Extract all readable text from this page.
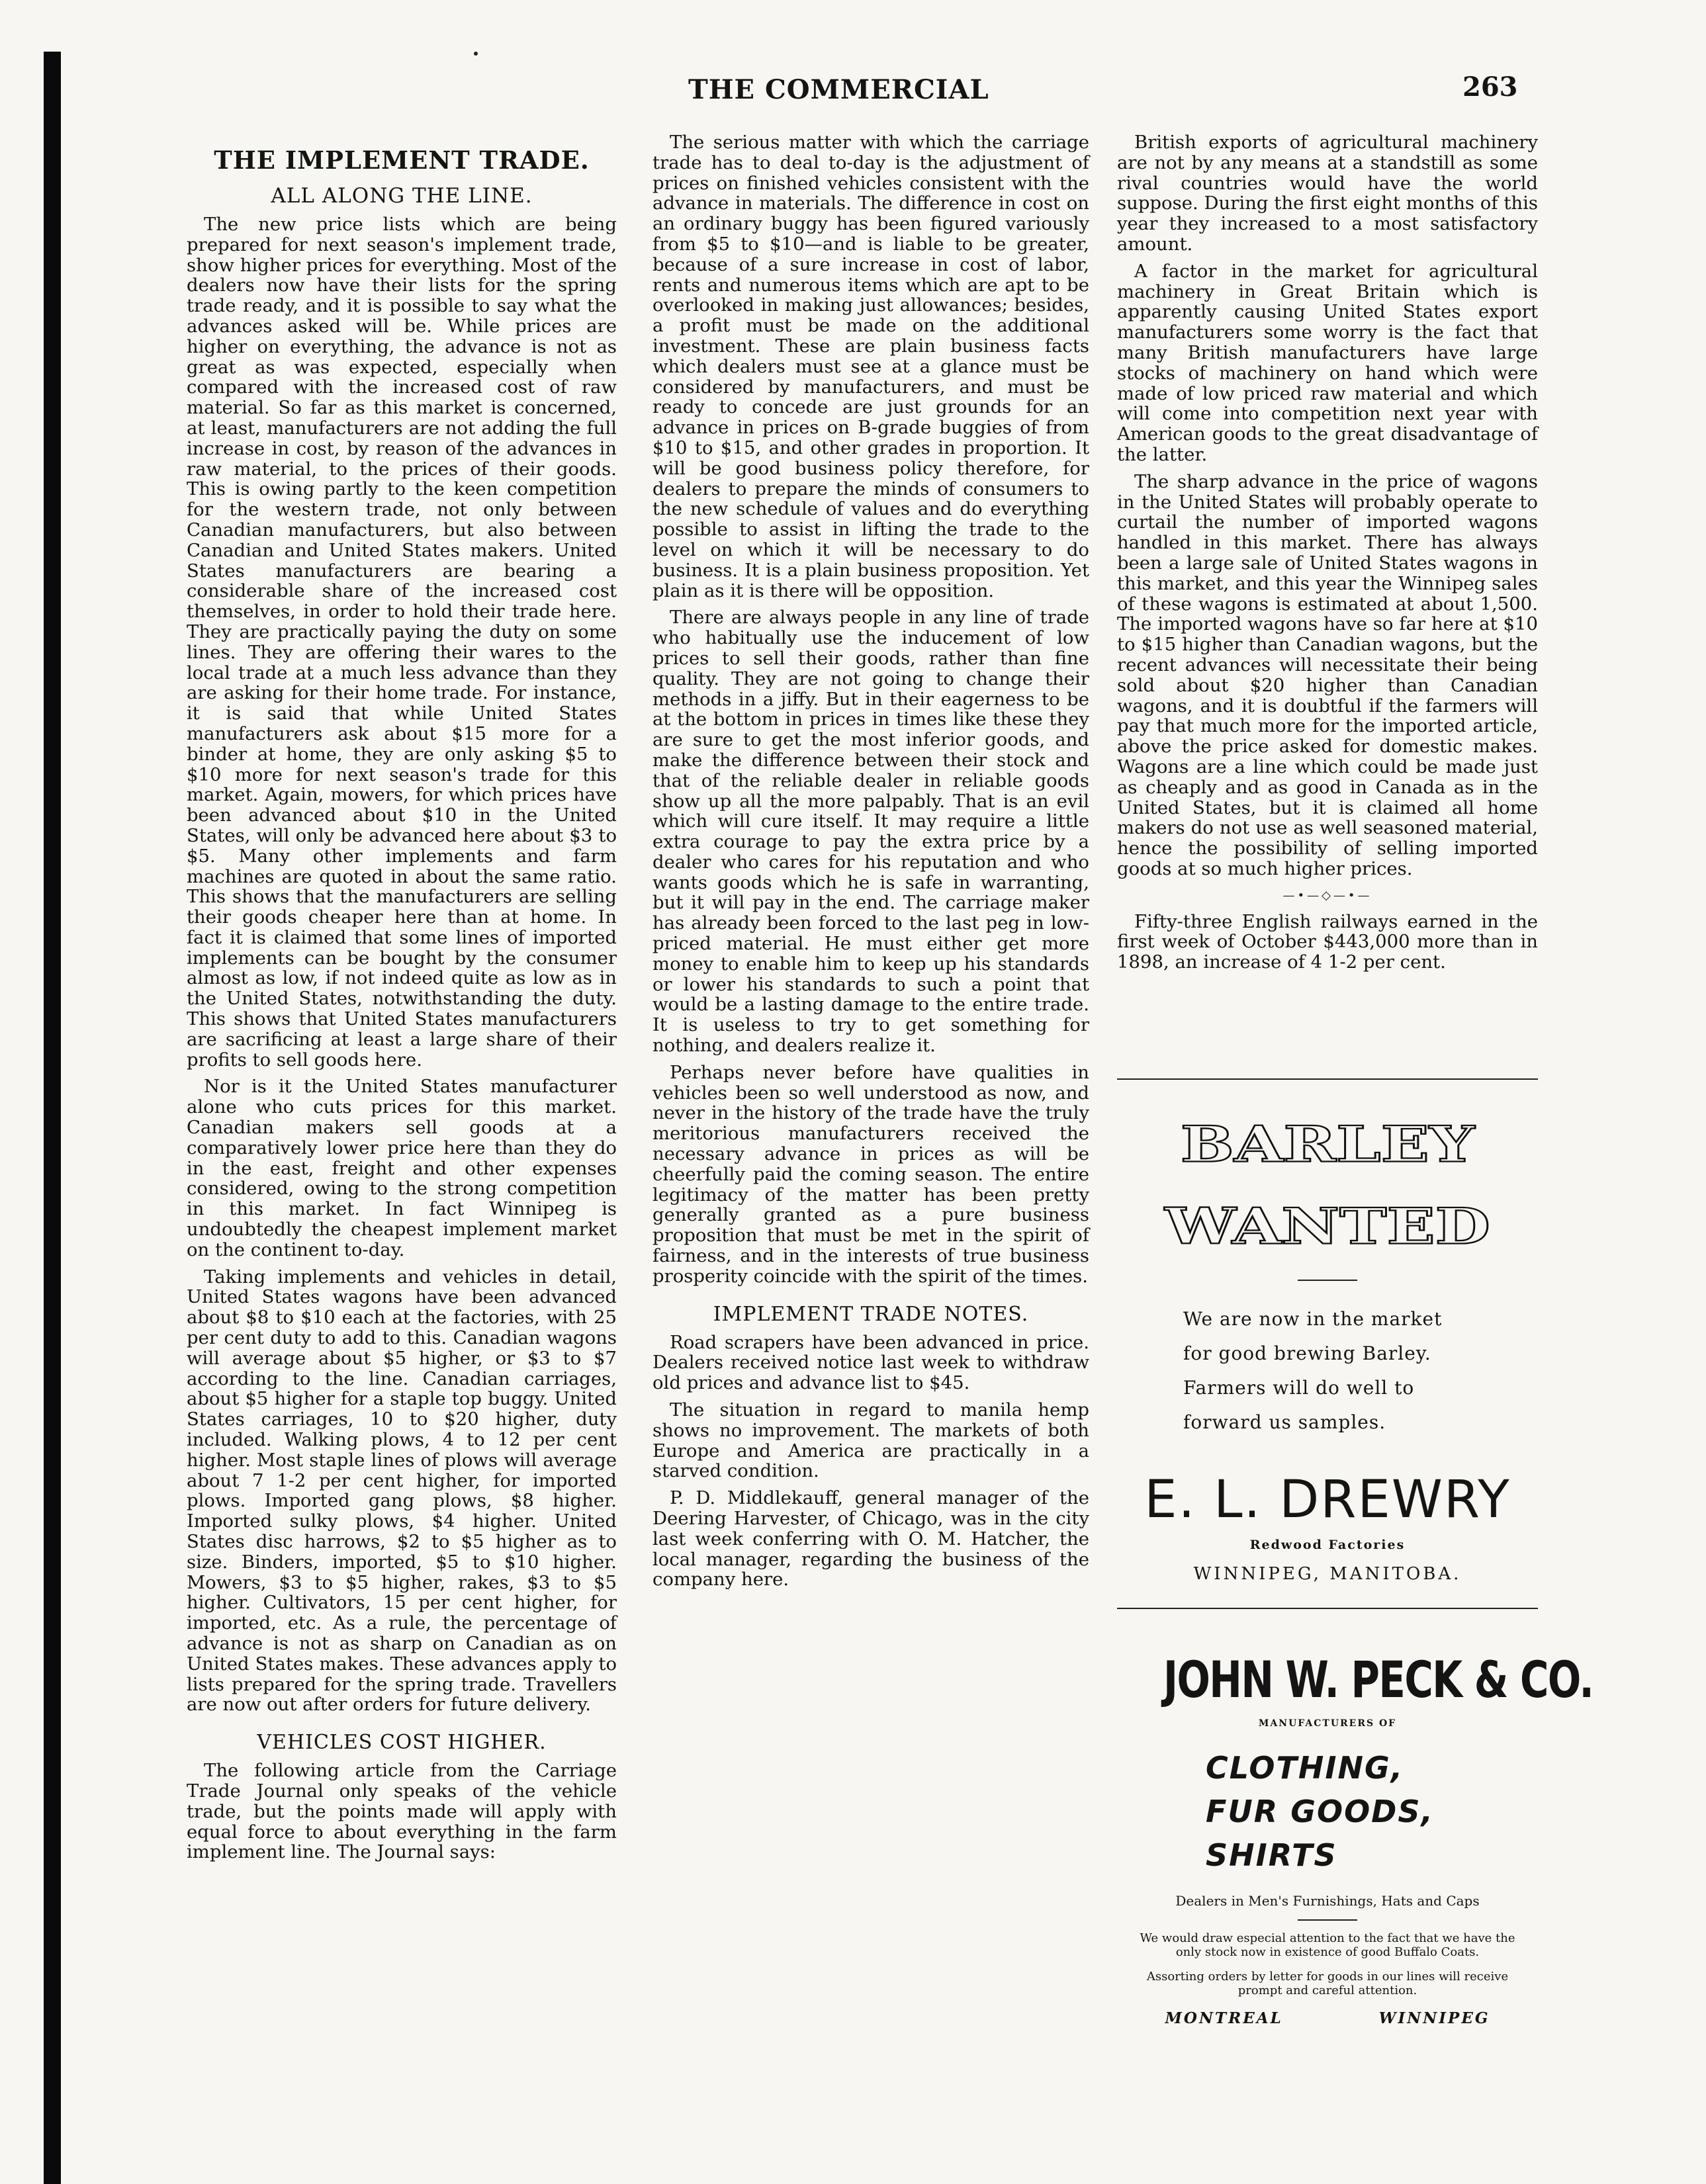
THE COMMERCIAL	263
THE IMPLEMENT TRADE.
ALL ALONG THE LINE.

The new price lists which are being prepared for next season's implement trade, show higher prices for everything. Most of the dealers now have their lists for the spring trade ready, and it is possible to say what the advances asked will be. While prices are higher on everything, the advance is not as great as was expected, especially when compared with the increased cost of raw material. So far as this market is concerned, at least, manufacturers are not adding the full increase in cost, by reason of the advances in raw material, to the prices of their goods. This is owing partly to the keen competition for the western trade, not only between Canadian manufacturers, but also between Canadian and United States makers. United States manufacturers are bearing a considerable share of the increased cost themselves, in order to hold their trade here. They are practically paying the duty on some lines. They are offering their wares to the local trade at a much less advance than they are asking for their home trade. For instance, it is said that while United States manufacturers ask about $15 more for a binder at home, they are only asking $5 to $10 more for next season's trade for this market. Again, mowers, for which prices have been advanced about $10 in the United States, will only be advanced here about $3 to $5. Many other implements and farm machines are quoted in about the same ratio. This shows that the manufacturers are selling their goods cheaper here than at home. In fact it is claimed that some lines of imported implements can be bought by the consumer almost as low, if not indeed quite as low as in the United States, notwithstanding the duty. This shows that United States manufacturers are sacrificing at least a large share of their profits to sell goods here.

Nor is it the United States manufacturer alone who cuts prices for this market. Canadian makers sell goods at a comparatively lower price here than they do in the east, freight and other expenses considered, owing to the strong competition in this market. In fact Winnipeg is undoubtedly the cheapest implement market on the continent to-day.

Taking implements and vehicles in detail, United States wagons have been advanced about $8 to $10 each at the factories, with 25 per cent duty to add to this. Canadian wagons will average about $5 higher, or $3 to $7 according to the line. Canadian carriages, about $5 higher for a staple top buggy. United States carriages, 10 to $20 higher, duty included. Walking plows, 4 to 12 per cent higher. Most staple lines of plows will average about 7 1-2 per cent higher, for imported plows. Imported gang plows, $8 higher. Imported sulky plows, $4 higher. United States disc harrows, $2 to $5 higher as to size. Binders, imported, $5 to $10 higher. Mowers, $3 to $5 higher, rakes, $3 to $5 higher. Cultivators, 15 per cent higher, for imported, etc. As a rule, the percentage of advance is not as sharp on Canadian as on United States makes. These advances apply to lists prepared for the spring trade. Travellers are now out after orders for future delivery.

VEHICLES COST HIGHER.

The following article from the Carriage Trade Journal only speaks of the vehicle trade, but the points made will apply with equal force to about everything in the farm implement line. The Journal says:

The serious matter with which the carriage trade has to deal to-day is the adjustment of prices on finished vehicles consistent with the advance in materials. The difference in cost on an ordinary buggy has been figured variously from $5 to $10—and is liable to be greater, because of a sure increase in cost of labor, rents and numerous items which are apt to be overlooked in making just allowances; besides, a profit must be made on the additional investment. These are plain business facts which dealers must see at a glance must be considered by manufacturers, and must be ready to concede are just grounds for an advance in prices on B-grade buggies of from $10 to $15, and other grades in proportion. It will be good business policy therefore, for dealers to prepare the minds of consumers to the new schedule of values and do everything possible to assist in lifting the trade to the level on which it will be necessary to do business. It is a plain business proposition. Yet plain as it is there will be opposition.

There are always people in any line of trade who habitually use the inducement of low prices to sell their goods, rather than fine quality. They are not going to change their methods in a jiffy. But in their eagerness to be at the bottom in prices in times like these they are sure to get the most inferior goods, and make the difference between their stock and that of the reliable dealer in reliable goods show up all the more palpably. That is an evil which will cure itself. It may require a little extra courage to pay the extra price by a dealer who cares for his reputation and who wants goods which he is safe in warranting, but it will pay in the end. The carriage maker has already been forced to the last peg in low-priced material. He must either get more money to enable him to keep up his standards or lower his standards to such a point that would be a lasting damage to the entire trade. It is useless to try to get something for nothing, and dealers realize it.

Perhaps never before have qualities in vehicles been so well understood as now, and never in the history of the trade have the truly meritorious manufacturers received the necessary advance in prices as will be cheerfully paid the coming season. The entire legitimacy of the matter has been pretty generally granted as a pure business proposition that must be met in the spirit of fairness, and in the interests of true business prosperity coincide with the spirit of the times.

IMPLEMENT TRADE NOTES.

Road scrapers have been advanced in price. Dealers received notice last week to withdraw old prices and advance list to $45.

The situation in regard to manila hemp shows no improvement. The markets of both Europe and America are practically in a starved condition.

P. D. Middlekauff, general manager of the Deering Harvester, of Chicago, was in the city last week conferring with O. M. Hatcher, the local manager, regarding the business of the company here.

British exports of agricultural machinery are not by any means at a standstill as some rival countries would have the world suppose. During the first eight months of this year they increased to a most satisfactory amount.

A factor in the market for agricultural machinery in Great Britain which is apparently causing United States export manufacturers some worry is the fact that many British manufacturers have large stocks of machinery on hand which were made of low priced raw material and which will come into competition next year with American goods to the great disadvantage of the latter.

The sharp advance in the price of wagons in the United States will probably operate to curtail the number of imported wagons handled in this market. There has always been a large sale of United States wagons in this market, and this year the Winnipeg sales of these wagons is estimated at about 1,500. The imported wagons have so far here at $10 to $15 higher than Canadian wagons, but the recent advances will necessitate their being sold about $20 higher than Canadian wagons, and it is doubtful if the farmers will pay that much more for the imported article, above the price asked for domestic makes. Wagons are a line which could be made just as cheaply and as good in Canada as in the United States, but it is claimed all home makers do not use as well seasoned material, hence the possibility of selling imported goods at so much higher prices.

—•—◇—•—

Fifty-three English railways earned in the first week of October $443,000 more than in 1898, an increase of 4 1-2 per cent.

BARLEY
WANTED
We are now in the market
for good brewing Barley.
Farmers will do well to
forward us samples.
E. L. DREWRY
Redwood Factories
WINNIPEG, MANITOBA.
JOHN W. PECK & CO.
MANUFACTURERS OF
CLOTHING,
FUR GOODS,
SHIRTS
Dealers in Men's Furnishings, Hats and Caps
We would draw especial attention to the fact that we have the only stock now in existence of good Buffalo Coats.
Assorting orders by letter for goods in our lines will receive prompt and careful attention.
MONTREAL	WINNIPEG
